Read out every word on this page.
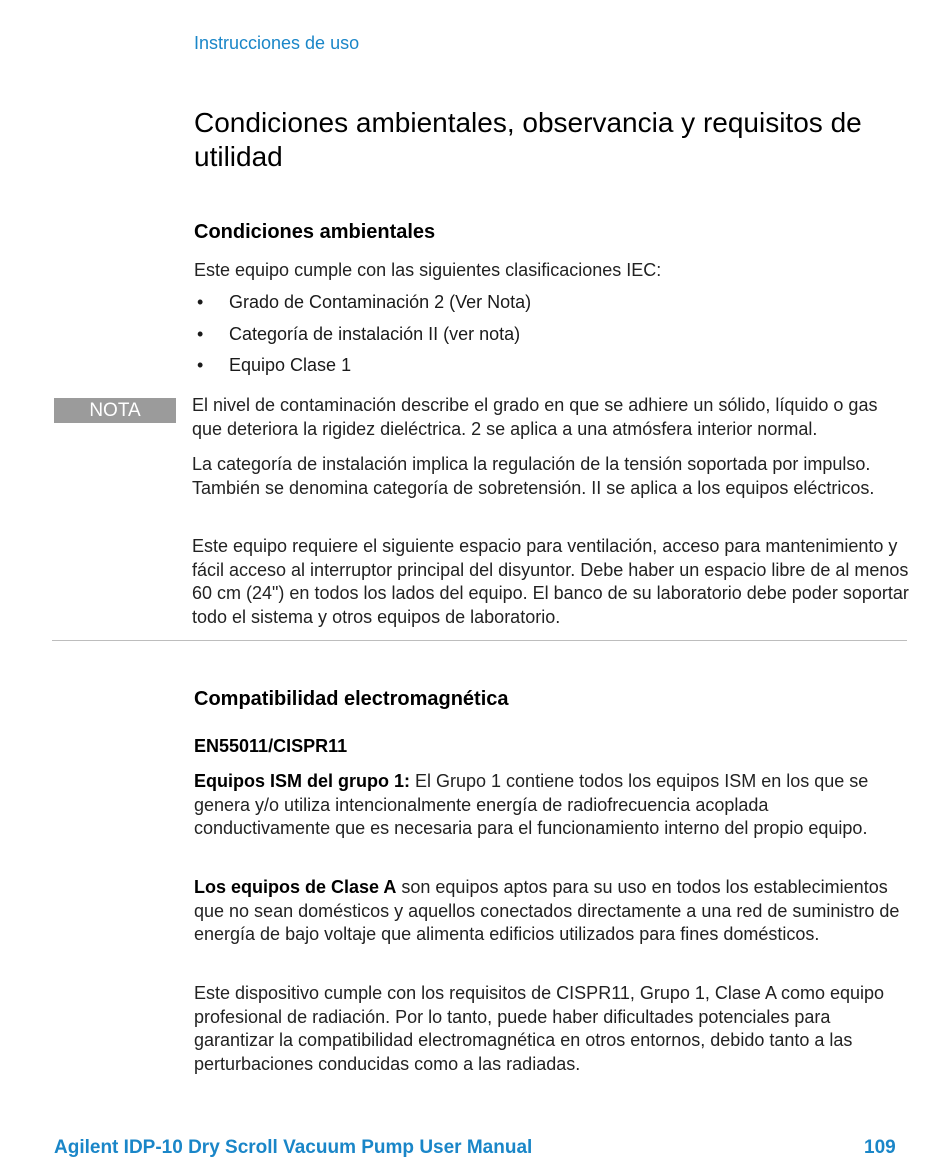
Instrucciones de uso
Condiciones ambientales, observancia y requisitos de utilidad
Condiciones ambientales

Este equipo cumple con las siguientes clasificaciones IEC:

• Grado de Contaminación 2 (Ver Nota)
• Categoría de instalación II (ver nota)
• Equipo Clase 1
NOTA	El nivel de contaminación describe el grado en que se adhiere un sólido, líquido o gas que deteriora la rigidez dieléctrica. 2 se aplica a una atmósfera interior normal.

La categoría de instalación implica la regulación de la tensión soportada por impulso. También se denomina categoría de sobretensión. II se aplica a los equipos eléctricos.

Este equipo requiere el siguiente espacio para ventilación, acceso para mantenimiento y fácil acceso al interruptor principal del disyuntor. Debe haber un espacio libre de al menos 60 cm (24") en todos los lados del equipo. El banco de su laboratorio debe poder soportar todo el sistema y otros equipos de laboratorio.

Compatibilidad electromagnética
EN55011/CISPR11

Equipos ISM del grupo 1: El Grupo 1 contiene todos los equipos ISM en los que se genera y/o utiliza intencionalmente energía de radiofrecuencia acoplada conductivamente que es necesaria para el funcionamiento interno del propio equipo.

Los equipos de Clase A son equipos aptos para su uso en todos los establecimientos que no sean domésticos y aquellos conectados directamente a una red de suministro de energía de bajo voltaje que alimenta edificios utilizados para fines domésticos.

Este dispositivo cumple con los requisitos de CISPR11, Grupo 1, Clase A como equipo profesional de radiación. Por lo tanto, puede haber dificultades potenciales para garantizar la compatibilidad electromagnética en otros entornos, debido tanto a las perturbaciones conducidas como a las radiadas.

Agilent IDP-10 Dry Scroll Vacuum Pump User Manual	109
